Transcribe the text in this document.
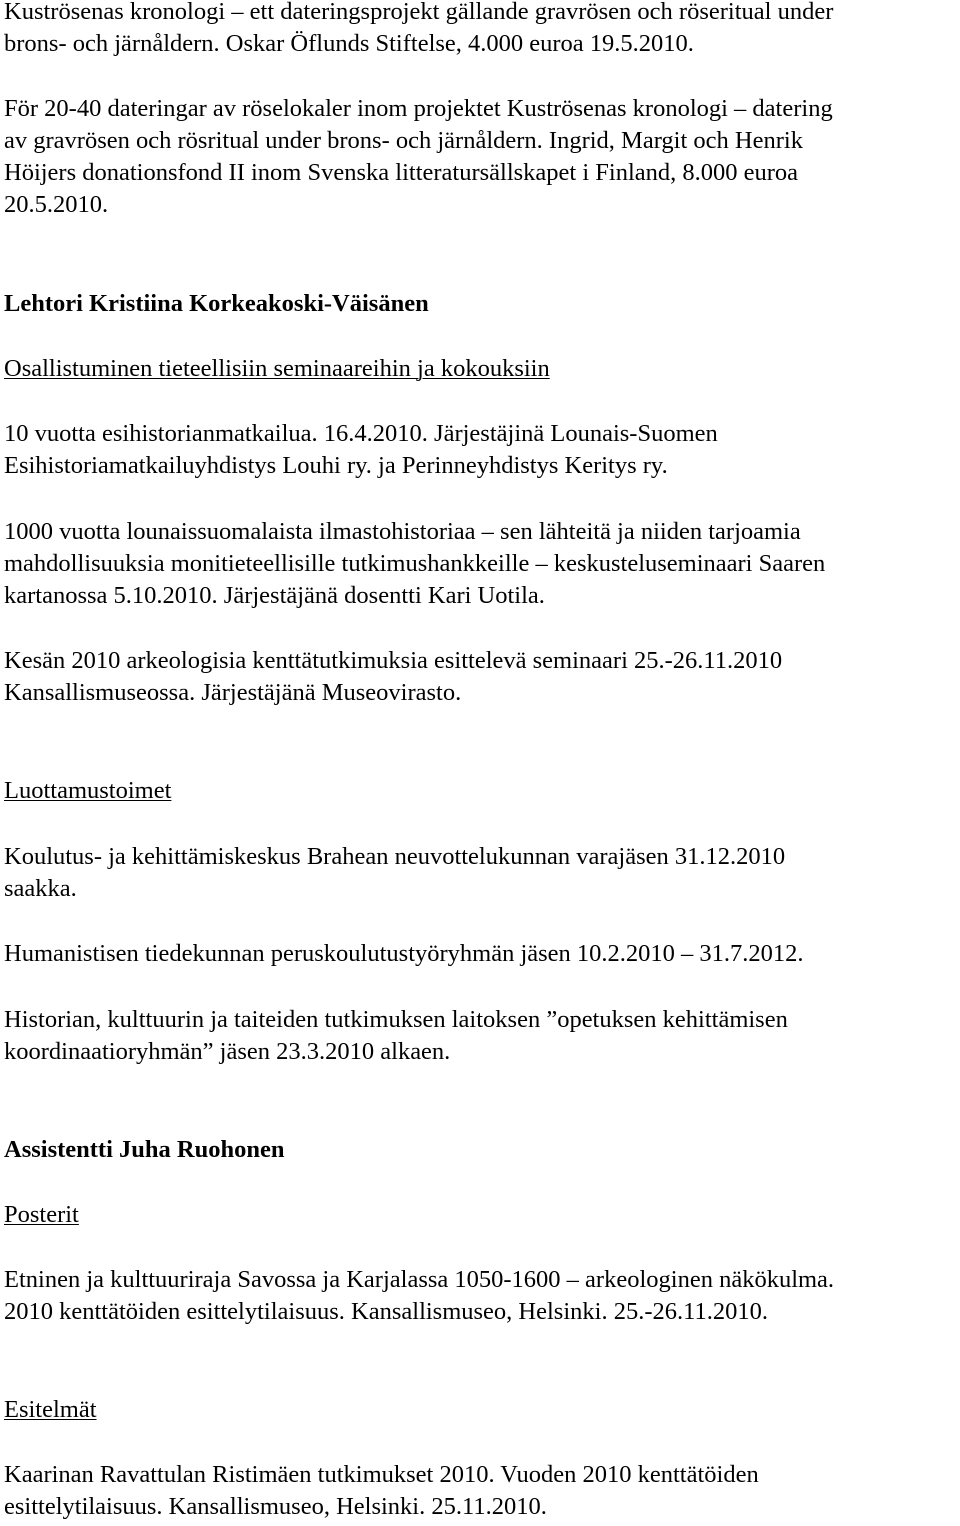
Kuströsenas kronologi – ett dateringsprojekt gällande gravrösen och röseritual under
brons- och järnåldern. Oskar Öflunds Stiftelse, 4.000 euroa 19.5.2010.
För 20-40 dateringar av röselokaler inom projektet Kuströsenas kronologi – datering
av gravrösen och rösritual under brons- och järnåldern. Ingrid, Margit och Henrik
Höijers donationsfond II inom Svenska litteratursällskapet i Finland, 8.000 euroa
20.5.2010.
Lehtori Kristiina Korkeakoski-Väisänen
Osallistuminen tieteellisiin seminaareihin ja kokouksiin
10 vuotta esihistorianmatkailua. 16.4.2010. Järjestäjinä Lounais-Suomen
Esihistoriamatkailuyhdistys Louhi ry. ja Perinneyhdistys Keritys ry.
1000 vuotta lounaissuomalaista ilmastohistoriaa – sen lähteitä ja niiden tarjoamia
mahdollisuuksia monitieteellisille tutkimushankkeille – keskusteluseminaari Saaren
kartanossa 5.10.2010. Järjestäjänä dosentti Kari Uotila.
Kesän 2010 arkeologisia kenttätutkimuksia esittelevä seminaari 25.-26.11.2010
Kansallismuseossa. Järjestäjänä Museovirasto.
Luottamustoimet
Koulutus- ja kehittämiskeskus Brahean neuvottelukunnan varajäsen 31.12.2010
saakka.
Humanistisen tiedekunnan peruskoulutustyöryhmän jäsen 10.2.2010 – 31.7.2012.
Historian, kulttuurin ja taiteiden tutkimuksen laitoksen ”opetuksen kehittämisen
koordinaatioryhmän” jäsen 23.3.2010 alkaen.
Assistentti Juha Ruohonen
Posterit
Etninen ja kulttuuriraja Savossa ja Karjalassa 1050-1600 – arkeologinen näkökulma.
2010 kenttätöiden esittelytilaisuus. Kansallismuseo, Helsinki. 25.-26.11.2010.
Esitelmät
Kaarinan Ravattulan Ristimäen tutkimukset 2010. Vuoden 2010 kenttätöiden
esittelytilaisuus. Kansallismuseo, Helsinki. 25.11.2010.
